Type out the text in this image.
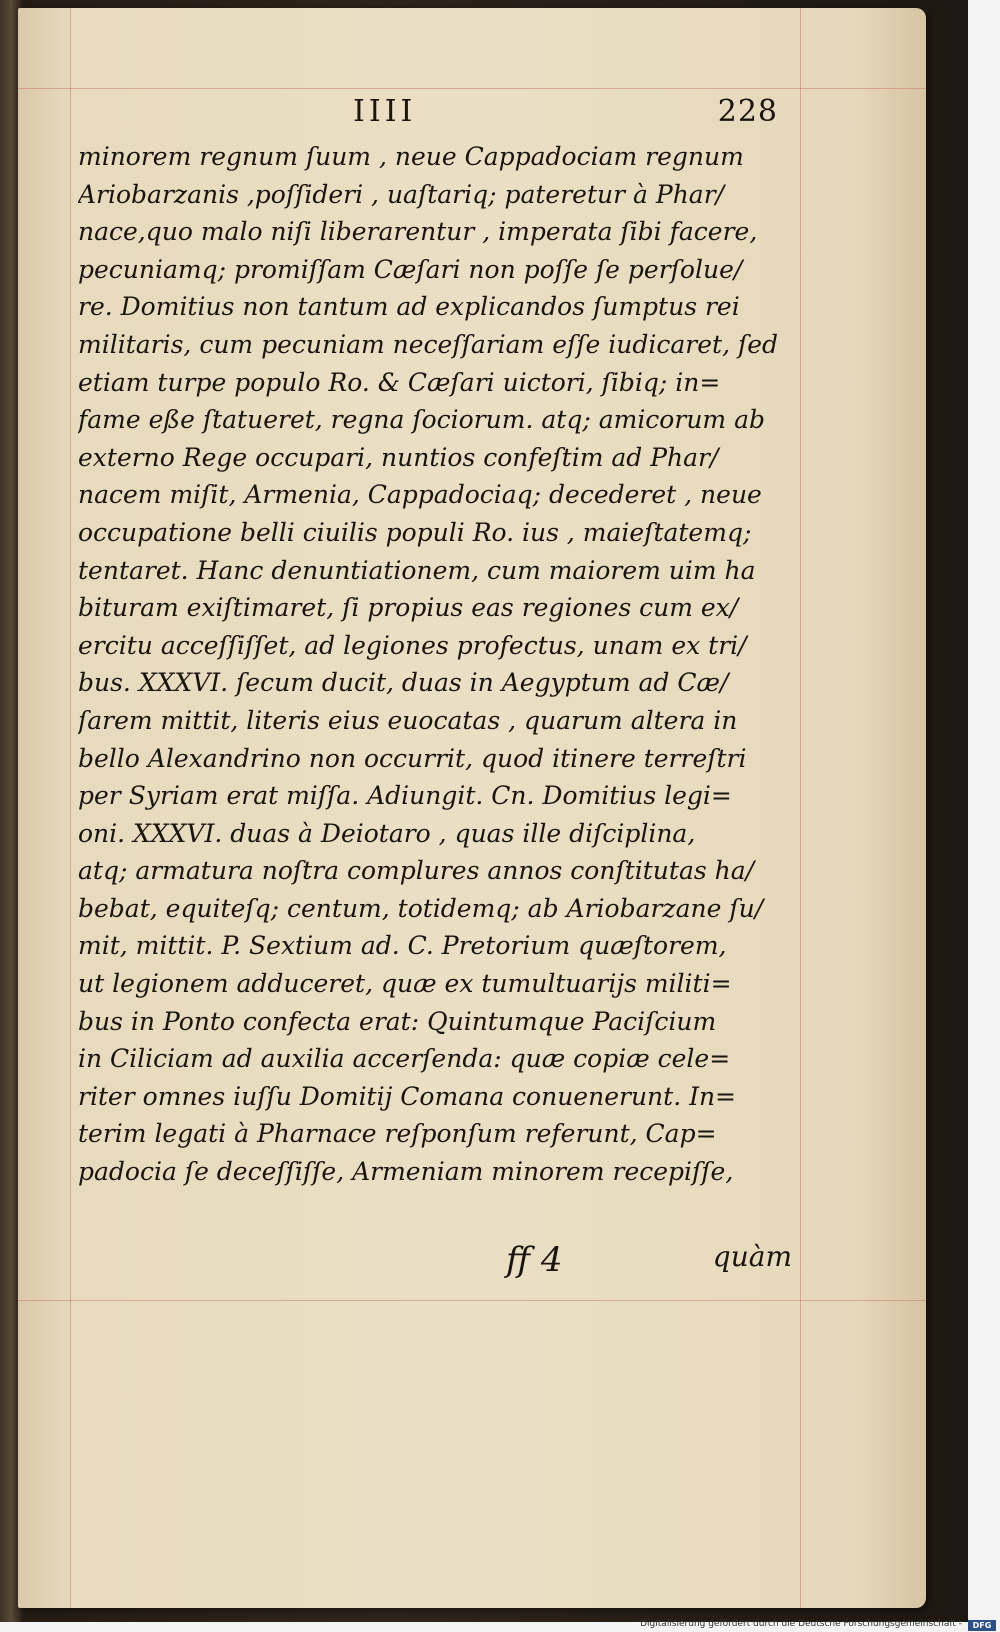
IIII	228
minorem regnum ſuum , neue Cappadociam regnum
Ariobarzanis ,poſſideri , uaſtariq; pateretur à Phar/
nace,quo malo niſi liberarentur , imperata ſibi facere,
pecuniamq; promiſſam Cæſari non poſſe ſe perſolue/
re. Domitius non tantum ad explicandos ſumptus rei
militaris, cum pecuniam neceſſariam eſſe iudicaret, ſed
etiam turpe populo Ro. & Cæſari uictori, ſibiq; in=
fame eße ſtatueret, regna ſociorum. atq; amicorum ab
externo Rege occupari, nuntios confeſtim ad Phar/
nacem miſit, Armenia, Cappadociaq; decederet , neue
occupatione belli ciuilis populi Ro. ius , maieſtatemq;
tentaret. Hanc denuntiationem, cum maiorem uim ha
bituram exiſtimaret, ſi propius eas regiones cum ex/
ercitu acceſſiſſet, ad legiones profectus, unam ex tri/
bus. XXXVI. ſecum ducit, duas in Aegyptum ad Cæ/
ſarem mittit, literis eius euocatas , quarum altera in
bello Alexandrino non occurrit, quod itinere terreſtri
per Syriam erat miſſa. Adiungit. Cn. Domitius legi=
oni. XXXVI. duas à Deiotaro , quas ille diſciplina,
atq; armatura noſtra complures annos conſtitutas ha/
bebat, equiteſq; centum, totidemq; ab Ariobarzane ſu/
mit, mittit. P. Sextium ad. C. Pretorium quæſtorem,
ut legionem adduceret, quæ ex tumultuarijs militi=
bus in Ponto confecta erat: Quintumque Paciſcium
in Ciliciam ad auxilia accerſenda: quæ copiæ cele=
riter omnes iuſſu Domitij Comana conuenerunt. In=
terim legati à Pharnace reſponſum referunt, Cap=
padocia ſe deceſſiſſe, Armeniam minorem recepiſſe,
ff 4	quàm
Digitalisierung gefördert durch die Deutsche Forschungsgemeinschaft -	DFG
